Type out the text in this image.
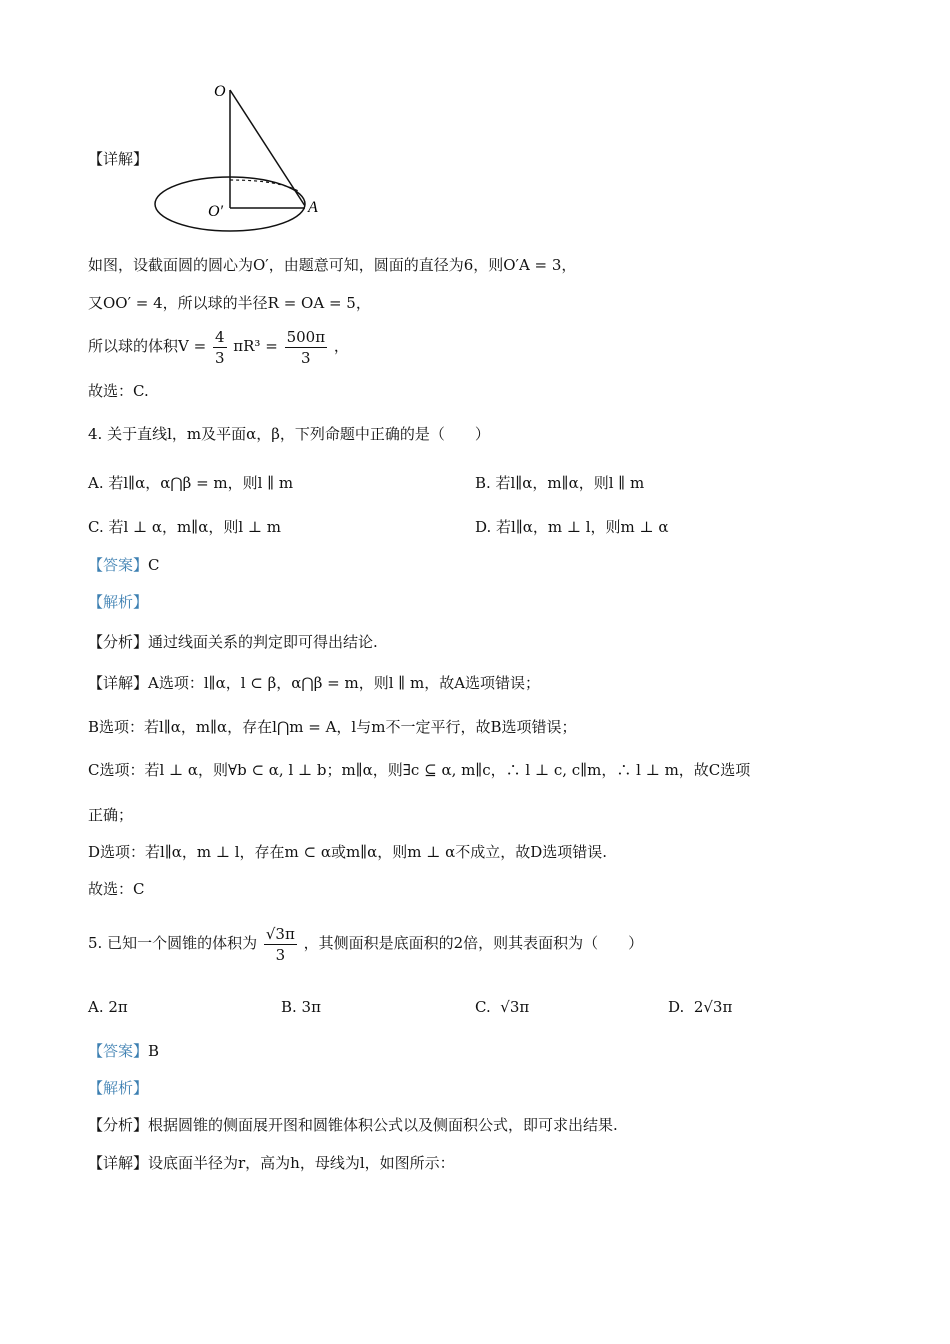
O
O′	A
【详解】
如图，设截面圆的圆心为O′，由题意可知，圆面的直径为6，则O′A = 3，
又OO′ = 4，所以球的半径R = OA = 5，
所以球的体积$V = \frac{4}{3} \pi R^3 = \frac{500\pi}{3}$ ，
故选：C.
4. 关于直线l，m及平面α，β，下列命题中正确的是（　　）
A. 若l∥α，α⋂β = m，则l ∥ m	B. 若l∥α，m∥α，则l ∥ m
C. 若l ⊥ α，m∥α，则l ⊥ m	D. 若l∥α，m ⊥ l，则m ⊥ α
【答案】C
【解析】
【分析】通过线面关系的判定即可得出结论.
【详解】A选项：l∥α，l ⊂ β，α⋂β = m，则l ∥ m，故A选项错误；
B选项：若l∥α，m∥α，存在l⋂m = A，l与m不一定平行，故B选项错误；
C选项：若l ⊥ α，则∀b ⊂ α, l ⊥ b；m∥α，则∃c ⊆ α, m∥c，∴ l ⊥ c, c∥m，∴ l ⊥ m，故C选项
正确；
D选项：若l∥α，m ⊥ l，存在m ⊂ α或m∥α，则m ⊥ α不成立，故D选项错误.
故选：C
5. 已知一个圆锥的体积为 $\frac{√3\pi}{3}$ ，其侧面积是底面积的2倍，则其表面积为（　　）
A. 2π	B. 3π	C. √3π	D. 2√3π
【答案】B
【解析】
【分析】根据圆锥的侧面展开图和圆锥体积公式以及侧面积公式，即可求出结果.
【详解】设底面半径为r，高为h，母线为l，如图所示：
